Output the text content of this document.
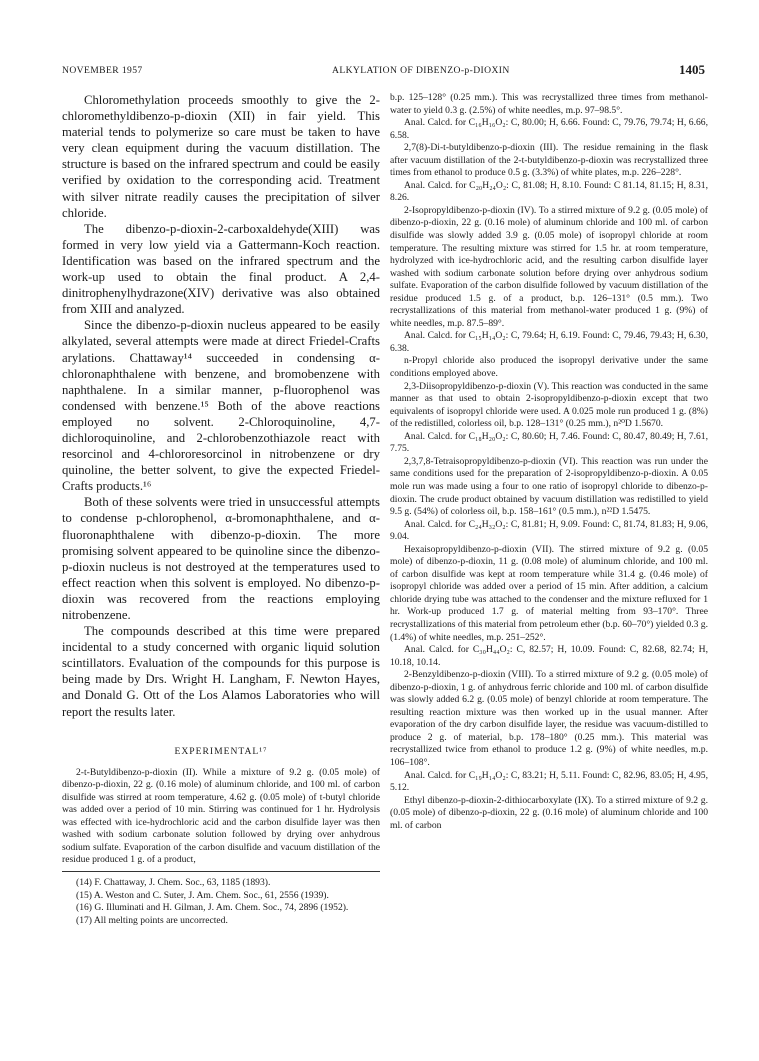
NOVEMBER 1957	ALKYLATION OF DIBENZO-p-DIOXIN	1405

Chloromethylation proceeds smoothly to give the 2-chloromethyldibenzo-p-dioxin (XII) in fair yield. This material tends to polymerize so care must be taken to have very clean equipment during the vacuum distillation. The structure is based on the infrared spectrum and could be easily verified by oxidation to the corresponding acid. Treatment with silver nitrate readily causes the precipitation of silver chloride.

The dibenzo-p-dioxin-2-carboxaldehyde(XIII) was formed in very low yield via a Gattermann-Koch reaction. Identification was based on the infrared spectrum and the work-up used to obtain the final product. A 2,4-dinitrophenylhydrazone(XIV) derivative was also obtained from XIII and analyzed.

Since the dibenzo-p-dioxin nucleus appeared to be easily alkylated, several attempts were made at direct Friedel-Crafts arylations. Chattaway¹⁴ succeeded in condensing α-chloronaphthalene with benzene, and bromobenzene with naphthalene. In a similar manner, p-fluorophenol was condensed with benzene.¹⁵ Both of the above reactions employed no solvent. 2-Chloroquinoline, 4,7-dichloroquinoline, and 2-chlorobenzothiazole react with resorcinol and 4-chlororesorcinol in nitrobenzene or dry quinoline, the better solvent, to give the expected Friedel-Crafts products.¹⁶

Both of these solvents were tried in unsuccessful attempts to condense p-chlorophenol, α-bromonaphthalene, and α-fluoronaphthalene with dibenzo-p-dioxin. The more promising solvent appeared to be quinoline since the dibenzo-p-dioxin nucleus is not destroyed at the temperatures used to effect reaction when this solvent is employed. No dibenzo-p-dioxin was recovered from the reactions employing nitrobenzene.

The compounds described at this time were prepared incidental to a study concerned with organic liquid solution scintillators. Evaluation of the compounds for this purpose is being made by Drs. Wright H. Langham, F. Newton Hayes, and Donald G. Ott of the Los Alamos Laboratories who will report the results later.

EXPERIMENTAL¹⁷

2-t-Butyldibenzo-p-dioxin (II). While a mixture of 9.2 g. (0.05 mole) of dibenzo-p-dioxin, 22 g. (0.16 mole) of aluminum chloride, and 100 ml. of carbon disulfide was stirred at room temperature, 4.62 g. (0.05 mole) of t-butyl chloride was added over a period of 10 min. Stirring was continued for 1 hr. Hydrolysis was effected with ice-hydrochloric acid and the carbon disulfide layer was then washed with sodium carbonate solution followed by drying over anhydrous sodium sulfate. Evaporation of the carbon disulfide and vacuum distillation of the residue produced 1 g. of a product,

(14) F. Chattaway, J. Chem. Soc., 63, 1185 (1893).

(15) A. Weston and C. Suter, J. Am. Chem. Soc., 61, 2556 (1939).

(16) G. Illuminati and H. Gilman, J. Am. Chem. Soc., 74, 2896 (1952).

(17) All melting points are uncorrected.

b.p. 125–128° (0.25 mm.). This was recrystallized three times from methanol-water to yield 0.3 g. (2.5%) of white needles, m.p. 97–98.5°.

Anal. Calcd. for C₁₆H₁₆O₂: C, 80.00; H, 6.66. Found: C, 79.76, 79.74; H, 6.66, 6.58.

2,7(8)-Di-t-butyldibenzo-p-dioxin (III). The residue remaining in the flask after vacuum distillation of the 2-t-butyldibenzo-p-dioxin was recrystallized three times from ethanol to produce 0.5 g. (3.3%) of white plates, m.p. 226–228°.

Anal. Calcd. for C₂₀H₂₄O₂: C, 81.08; H, 8.10. Found: C 81.14, 81.15; H, 8.31, 8.26.

2-Isopropyldibenzo-p-dioxin (IV). To a stirred mixture of 9.2 g. (0.05 mole) of dibenzo-p-dioxin, 22 g. (0.16 mole) of aluminum chloride and 100 ml. of carbon disulfide was slowly added 3.9 g. (0.05 mole) of isopropyl chloride at room temperature. The resulting mixture was stirred for 1.5 hr. at room temperature, hydrolyzed with ice-hydrochloric acid, and the resulting carbon disulfide layer washed with sodium carbonate solution before drying over anhydrous sodium sulfate. Evaporation of the carbon disulfide followed by vacuum distillation of the residue produced 1.5 g. of a product, b.p. 126–131° (0.5 mm.). Two recrystallizations of this material from methanol-water produced 1 g. (9%) of white needles, m.p. 87.5–89°.

Anal. Calcd. for C₁₅H₁₄O₂: C, 79.64; H, 6.19. Found: C, 79.46, 79.43; H, 6.30, 6.38.

n-Propyl chloride also produced the isopropyl derivative under the same conditions employed above.

2,3-Diisopropyldibenzo-p-dioxin (V). This reaction was conducted in the same manner as that used to obtain 2-isopropyldibenzo-p-dioxin except that two equivalents of isopropyl chloride were used. A 0.025 mole run produced 1 g. (8%) of the redistilled, colorless oil, b.p. 128–131° (0.25 mm.), n²⁰D 1.5670.

Anal. Calcd. for C₁₈H₂₀O₂: C, 80.60; H, 7.46. Found: C, 80.47, 80.49; H, 7.61, 7.75.

2,3,7,8-Tetraisopropyldibenzo-p-dioxin (VI). This reaction was run under the same conditions used for the preparation of 2-isopropyldibenzo-p-dioxin. A 0.05 mole run was made using a four to one ratio of isopropyl chloride to dibenzo-p-dioxin. The crude product obtained by vacuum distillation was redistilled to yield 9.5 g. (54%) of colorless oil, b.p. 158–161° (0.5 mm.), n²²D 1.5475.

Anal. Calcd. for C₂₄H₃₂O₂: C, 81.81; H, 9.09. Found: C, 81.74, 81.83; H, 9.06, 9.04.

Hexaisopropyldibenzo-p-dioxin (VII). The stirred mixture of 9.2 g. (0.05 mole) of dibenzo-p-dioxin, 11 g. (0.08 mole) of aluminum chloride, and 100 ml. of carbon disulfide was kept at room temperature while 31.4 g. (0.46 mole) of isopropyl chloride was added over a period of 15 min. After addition, a calcium chloride drying tube was attached to the condenser and the mixture refluxed for 1 hr. Work-up produced 1.7 g. of material melting from 93–170°. Three recrystallizations of this material from petroleum ether (b.p. 60–70°) yielded 0.3 g. (1.4%) of white needles, m.p. 251–252°.

Anal. Calcd. for C₃₀H₄₄O₂: C, 82.57; H, 10.09. Found: C, 82.68, 82.74; H, 10.18, 10.14.

2-Benzyldibenzo-p-dioxin (VIII). To a stirred mixture of 9.2 g. (0.05 mole) of dibenzo-p-dioxin, 1 g. of anhydrous ferric chloride and 100 ml. of carbon disulfide was slowly added 6.2 g. (0.05 mole) of benzyl chloride at room temperature. The resulting reaction mixture was then worked up in the usual manner. After evaporation of the dry carbon disulfide layer, the residue was vacuum-distilled to produce 2 g. of material, b.p. 178–180° (0.25 mm.). This material was recrystallized twice from ethanol to produce 1.2 g. (9%) of white needles, m.p. 106–108°.

Anal. Calcd. for C₁₉H₁₄O₂: C, 83.21; H, 5.11. Found: C, 82.96, 83.05; H, 4.95, 5.12.

Ethyl dibenzo-p-dioxin-2-dithiocarboxylate (IX). To a stirred mixture of 9.2 g. (0.05 mole) of dibenzo-p-dioxin, 22 g. (0.16 mole) of aluminum chloride and 100 ml. of carbon
